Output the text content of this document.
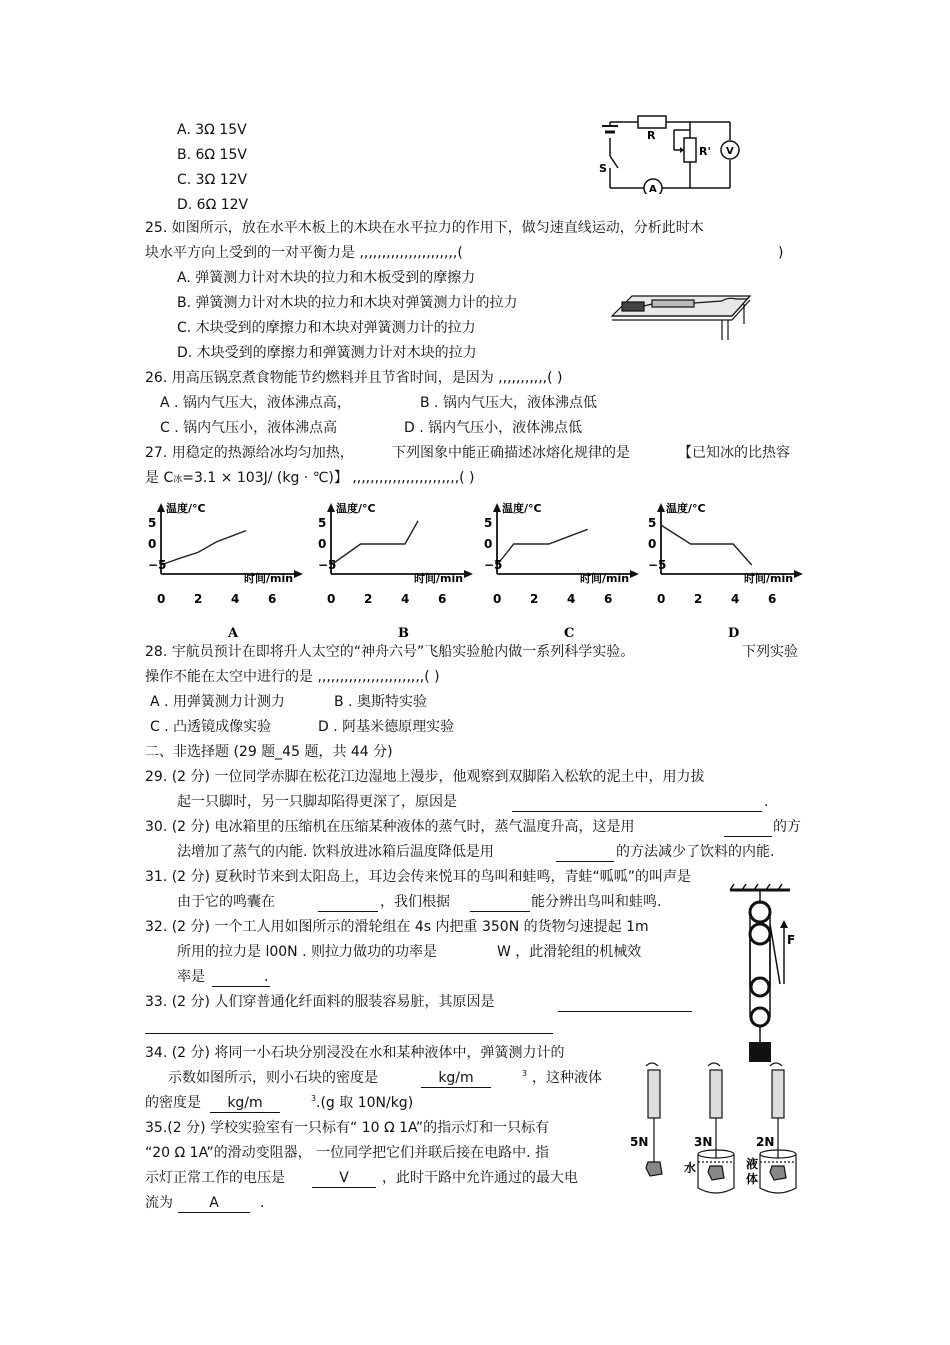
A. 3Ω 15V
B. 6Ω 15V
C. 3Ω 12V
D. 6Ω 12V
R
R' V
A
S
25. 如图所示，放在水平木板上的木块在水平拉力的作用下，做匀速直线运动，分析此时木
块水平方向上受到的一对平衡力是 ,,,,,,,,,,,,,,,,,,,,,,(	)
A. 弹簧测力计对木块的拉力和木板受到的摩擦力
B. 弹簧测力计对木块的拉力和木块对弹簧测力计的拉力
C. 木块受到的摩擦力和木块对弹簧测力计的拉力
D. 木块受到的摩擦力和弹簧测力计对木块的拉力
26. 用高压锅烹煮食物能节约燃料并且节省时间，是因为 ,,,,,,,,,,,( )
A . 锅内气压大，液体沸点高，	B . 锅内气压大，液体沸点低
C . 锅内气压小，液体沸点高	D . 锅内气压小，液体沸点低
27. 用稳定的热源给冰均匀加热，	下列图象中能正确描述冰熔化规律的是	【已知冰的比热容
是 C冰=3.1 × 103J/ (kg · ℃)】 ,,,,,,,,,,,,,,,,,,,,,,,,( )
温度/°C
时间/min
5
0
−5
0 2 4 6
A
温度/°C
时间/min
5
0
−5
0 2 4 6
B
温度/°C
时间/min
5
0
−5
0 2 4 6
C
温度/°C
时间/min
5
0
−5
0 2 4 6
D
28. 宇航员预计在即将升人太空的“神舟六号”飞船实验舱内做一系列科学实验。	下列实验
操作不能在太空中进行的是 ,,,,,,,,,,,,,,,,,,,,,,,,( )
A . 用弹簧测力计测力	B . 奥斯特实验
C . 凸透镜成像实验	D . 阿基米德原理实验
二、非选择题 (29 题_45 题，共 44 分)
29. (2 分) 一位同学赤脚在松花江边湿地上漫步，他观察到双脚陷入松软的泥土中，用力拔
起一只脚时，另一只脚却陷得更深了，原因是	.
30. (2 分) 电冰箱里的压缩机在压缩某种液体的蒸气时，蒸气温度升高，这是用	的方
法增加了蒸气的内能. 饮料放进冰箱后温度降低是用	的方法减少了饮料的内能.
31. (2 分) 夏秋时节来到太阳岛上，耳边会传来悦耳的鸟叫和蛙鸣，青蛙“呱呱”的叫声是
由于它的鸣囊在	，我们根据	能分辨出鸟叫和蛙鸣.
32. (2 分) 一个工人用如图所示的滑轮组在 4s 内把重 350N 的货物匀速提起 1m
所用的拉力是 l00N . 则拉力做功的功率是	W ，此滑轮组的机械效
率是	.
F
33. (2 分) 人们穿普通化纤面料的服装容易脏，其原因是
34. (2 分) 将同一小石块分别浸没在水和某种液体中，弹簧测力计的
示数如图所示，则小石块的密度是	kg/m	3 ，这种液体
的密度是	kg/m	3 .(g 取 10N/kg)
5N	3N	2N
水	液
体
35.(2 分) 学校实验室有一只标有“ 10 Ω 1A”的指示灯和一只标有
“20 Ω 1A”的滑动变阻器， 一位同学把它们并联后接在电路中. 指
示灯正常工作的电压是	V	，此时干路中允许通过的最大电
流为	A	.
